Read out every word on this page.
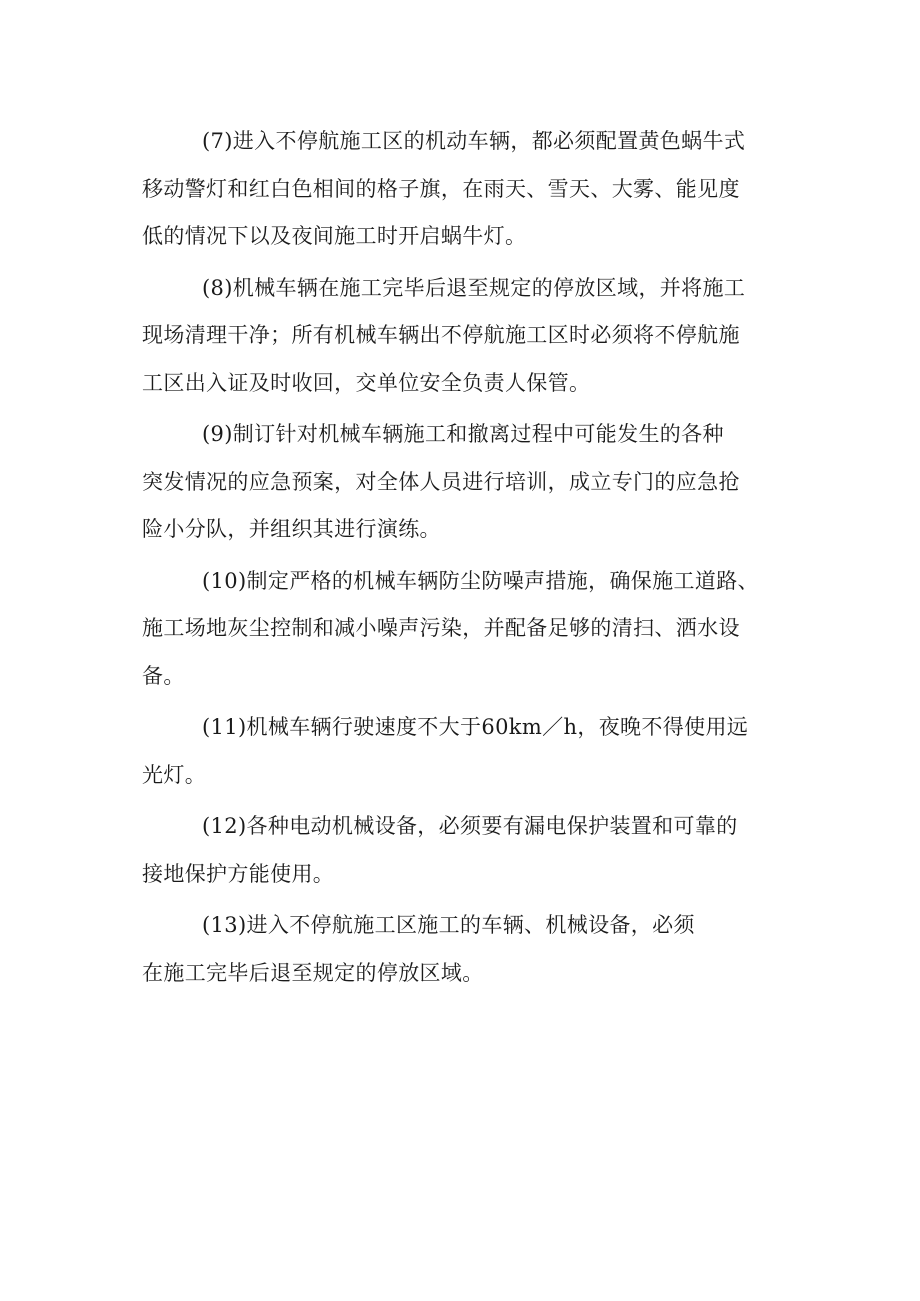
(7)进入不停航施工区的机动车辆，都必须配置黄色蜗牛式
移动警灯和红白色相间的格子旗，在雨天、雪天、大雾、能见度
低的情况下以及夜间施工时开启蜗牛灯。

(8)机械车辆在施工完毕后退至规定的停放区域，并将施工
现场清理干净；所有机械车辆出不停航施工区时必须将不停航施
工区出入证及时收回，交单位安全负责人保管。

(9)制订针对机械车辆施工和撤离过程中可能发生的各种
突发情况的应急预案，对全体人员进行培训，成立专门的应急抢
险小分队，并组织其进行演练。

(10)制定严格的机械车辆防尘防噪声措施，确保施工道路、
施工场地灰尘控制和减小噪声污染，并配备足够的清扫、洒水设
备。

(11)机械车辆行驶速度不大于60km／h，夜晚不得使用远
光灯。

(12)各种电动机械设备，必须要有漏电保护装置和可靠的
接地保护方能使用。

(13)进入不停航施工区施工的车辆、机械设备，必须
在施工完毕后退至规定的停放区域。
